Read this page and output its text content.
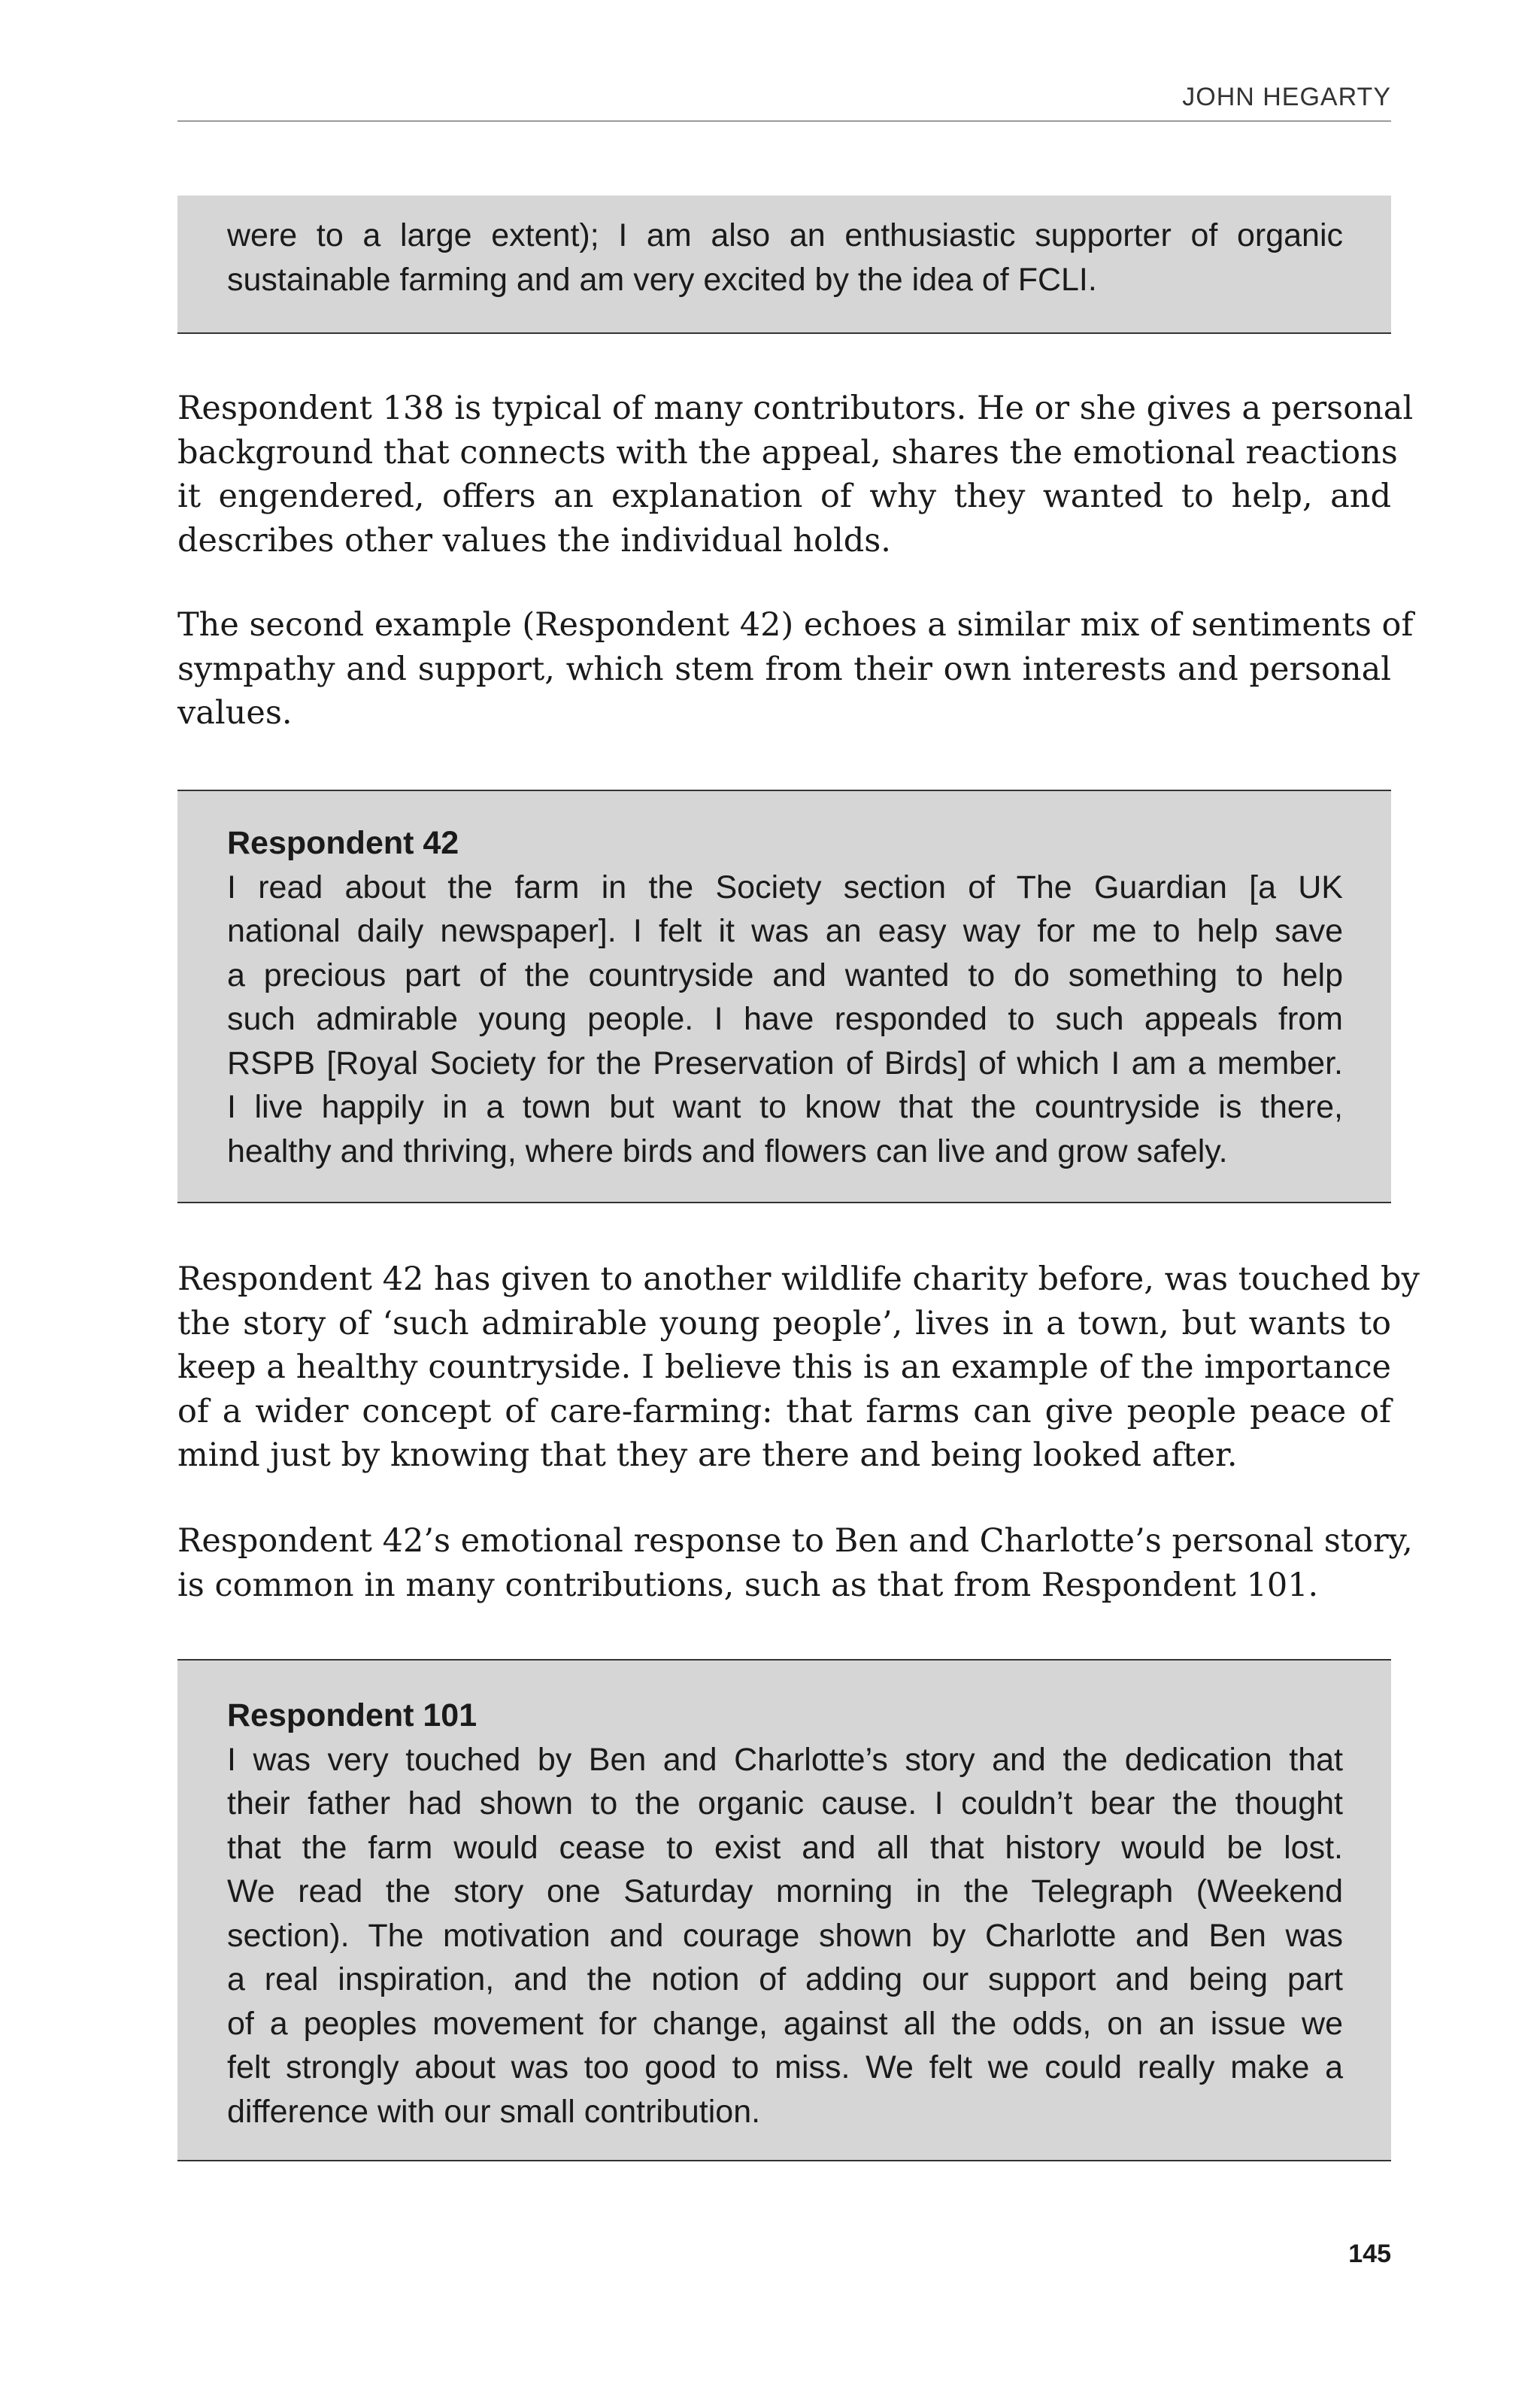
JOHN HEGARTY
were to a large extent); I am also an enthusiastic supporter of organic
sustainable farming and am very excited by the idea of FCLI.
Respondent 138 is typical of many contributors. He or she gives a personal
background that connects with the appeal, shares the emotional reactions
it engendered, offers an explanation of why they wanted to help, and
describes other values the individual holds.
The second example (Respondent 42) echoes a similar mix of sentiments of
sympathy and support, which stem from their own interests and personal
values.
Respondent 42
I read about the farm in the Society section of The Guardian [a UK
national daily newspaper]. I felt it was an easy way for me to help save
a precious part of the countryside and wanted to do something to help
such admirable young people. I have responded to such appeals from
RSPB [Royal Society for the Preservation of Birds] of which I am a member.
I live happily in a town but want to know that the countryside is there,
healthy and thriving, where birds and flowers can live and grow safely.
Respondent 42 has given to another wildlife charity before, was touched by
the story of ‘such admirable young people’, lives in a town, but wants to
keep a healthy countryside. I believe this is an example of the importance
of a wider concept of care-farming: that farms can give people peace of
mind just by knowing that they are there and being looked after.
Respondent 42’s emotional response to Ben and Charlotte’s personal story,
is common in many contributions, such as that from Respondent 101.
Respondent 101
I was very touched by Ben and Charlotte’s story and the dedication that
their father had shown to the organic cause. I couldn’t bear the thought
that the farm would cease to exist and all that history would be lost.
We read the story one Saturday morning in the Telegraph (Weekend
section). The motivation and courage shown by Charlotte and Ben was
a real inspiration, and the notion of adding our support and being part
of a peoples movement for change, against all the odds, on an issue we
felt strongly about was too good to miss. We felt we could really make a
difference with our small contribution.
145
